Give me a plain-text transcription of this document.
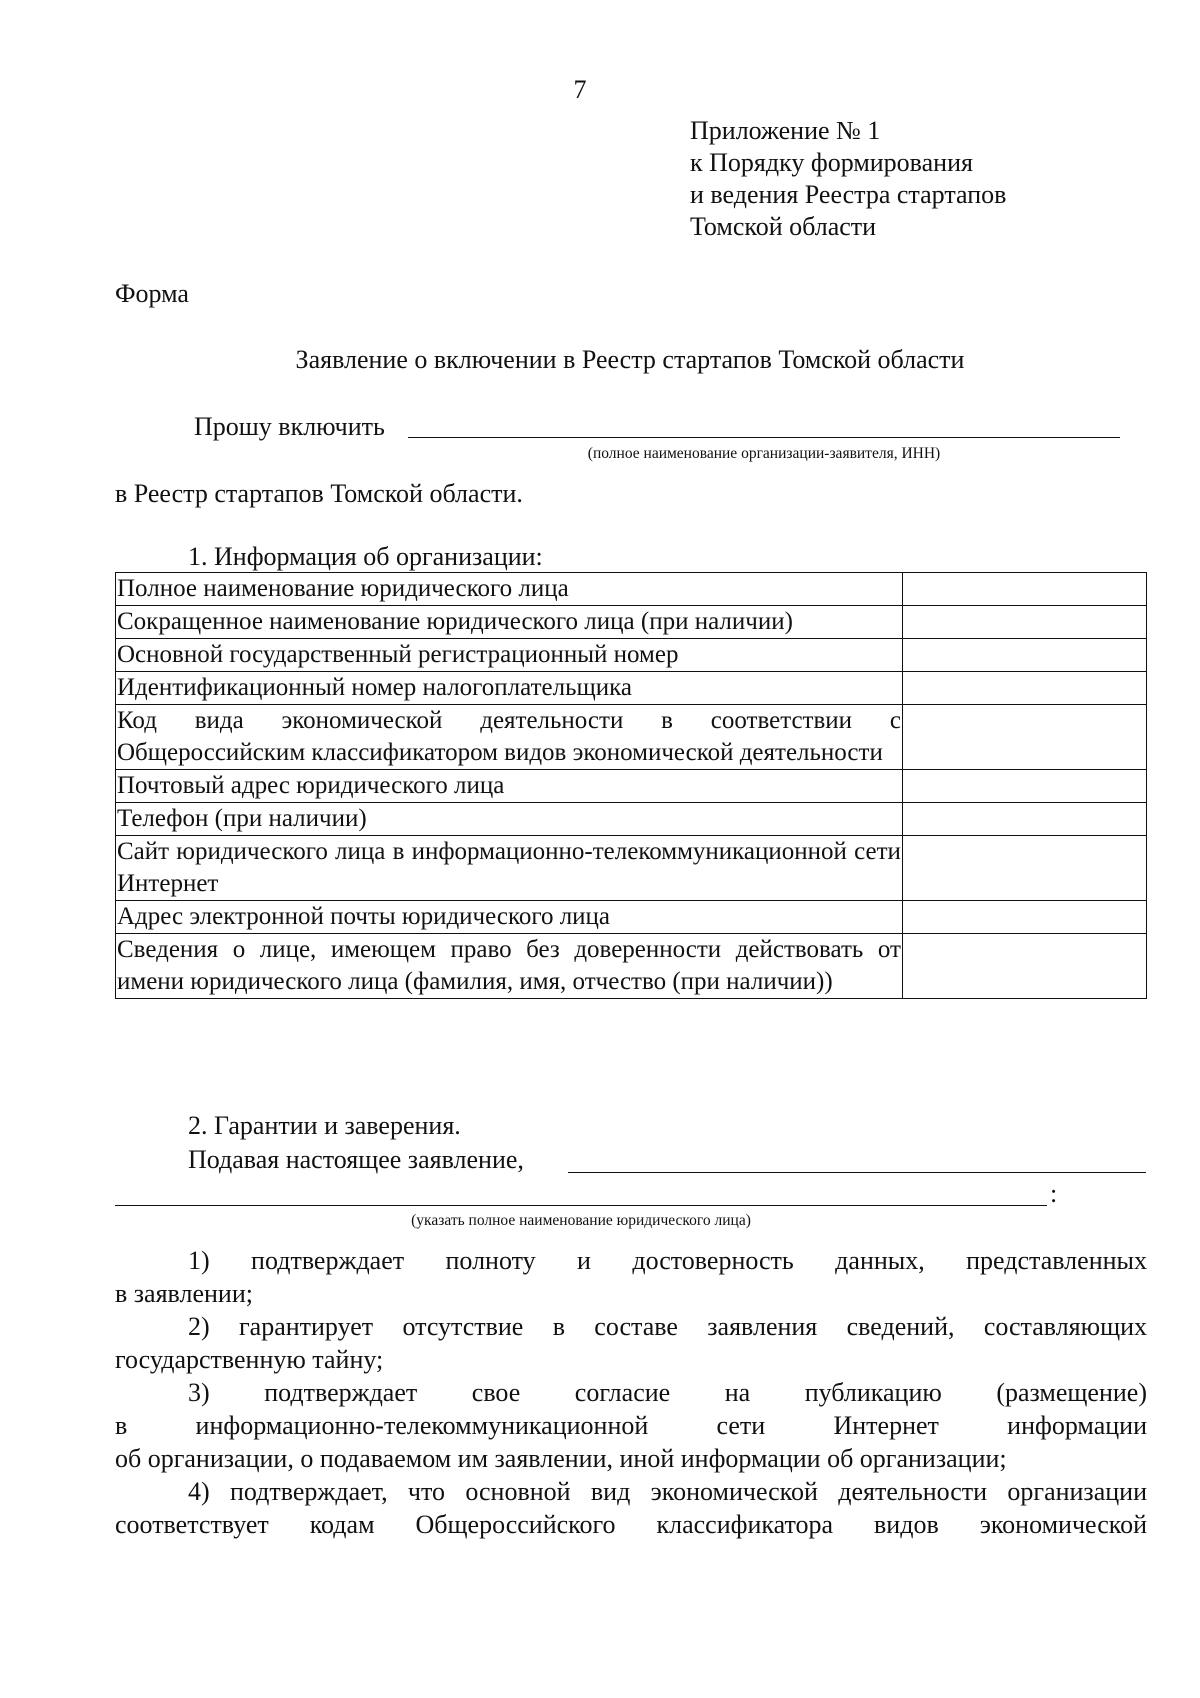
7
Приложение № 1
к Порядку формирования
и ведения Реестра стартапов
Томской области
Форма
Заявление о включении в Реестр стартапов Томской области
Прошу включить
(полное наименование организации-заявителя, ИНН)
в Реестр стартапов Томской области.
1. Информация об организации:
Полное наименование юридического лица	
Сокращенное наименование юридического лица (при наличии)	
Основной государственный регистрационный номер	
Идентификационный номер налогоплательщика	
Код вида экономической деятельности в соответствии с Общероссийским классификатором видов экономической деятельности	
Почтовый адрес юридического лица	
Телефон (при наличии)	
Сайт юридического лица в информационно-телекоммуникационной сети Интернет	
Адрес электронной почты юридического лица	
Сведения о лице, имеющем право без доверенности действовать от имени юридического лица (фамилия, имя, отчество (при наличии))	
2. Гарантии и заверения.
Подавая настоящее заявление,
:
(указать полное наименование юридического лица)
1) подтверждает полноту и достоверность данных, представленных
в заявлении;
2) гарантирует отсутствие в составе заявления сведений, составляющих
государственную тайну;
3) подтверждает свое согласие на публикацию (размещение)
в информационно-телекоммуникационной сети Интернет информации
об организации, о подаваемом им заявлении, иной информации об организации;
4) подтверждает, что основной вид экономической деятельности организации
соответствует кодам Общероссийского классификатора видов экономической
